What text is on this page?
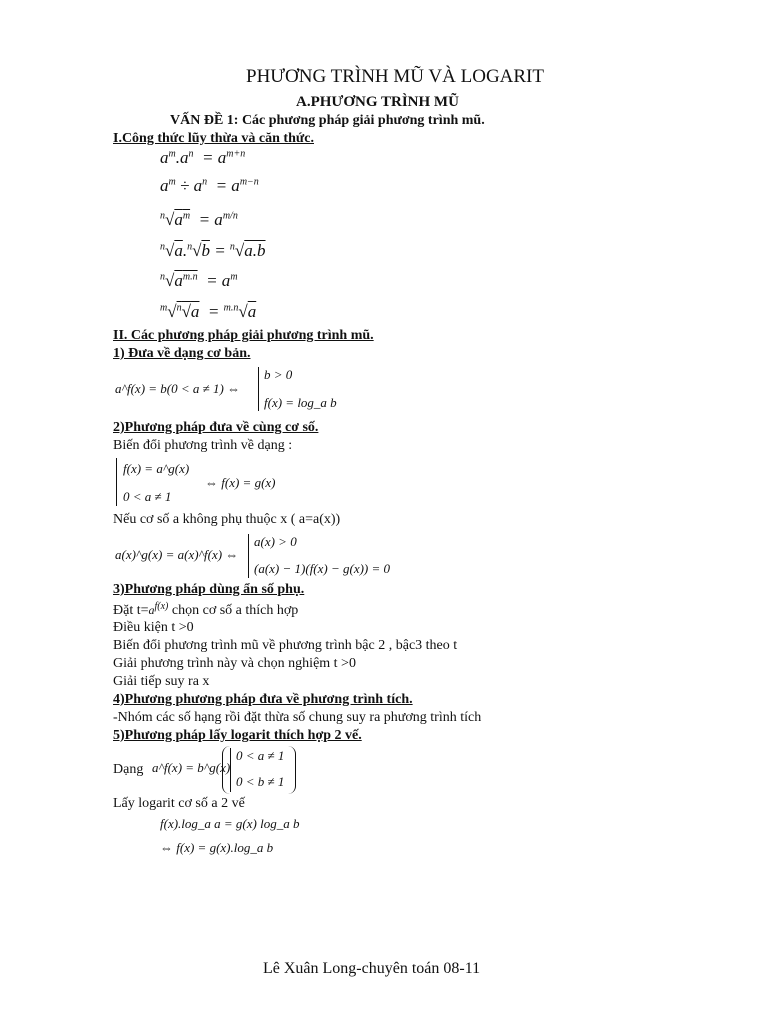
PHƯƠNG TRÌNH MŨ VÀ LOGARIT
A.PHƯƠNG TRÌNH MŨ
VẤN ĐỀ 1: Các phương pháp giải phương trình mũ.
I.Công thức lũy thừa và căn thức.
$a^m.a^n = a^{m+n}$
$a^m \div a^n = a^{m-n}$
$^n√a^m = a^{m/n}$
$^n$√a.$^n$√b = $^n$√a.b
$^n√a^{m.n} = a^m$
$^m$√$^n$√a  = $^{m.n}$√a
II. Các phương pháp giải phương trình mũ.
1) Đưa về dạng cơ bản.
a^f(x) = b(0 < a ≠ 1) ⇔
b > 0
f(x) = log_a b
2)Phương pháp đưa về cùng cơ số.
Biến đổi phương trình về dạng :
f(x) = a^g(x)
0 < a ≠ 1
⇔ f(x) = g(x)
Nếu cơ số a không phụ thuộc x ( a=a(x))
a(x)^g(x) = a(x)^f(x) ⇔
a(x) > 0
(a(x) − 1)(f(x) − g(x)) = 0
3)Phương pháp dùng ẩn số phụ.
Đặt $t=a^{f(x)}$ chọn cơ số a thích hợp
Điều kiện t >0
Biến đổi phương trình mũ về phương trình bậc 2 , bậc3 theo t
Giải phương trình này và chọn nghiệm t >0
Giải tiếp suy ra x
4)Phương phương pháp đưa về phương trình tích.
-Nhóm các số hạng rồi đặt thừa số chung suy ra phương trình tích
5)Phương pháp lấy logarit thích hợp 2 vế.
Dạng a^f(x) = b^g(x)
0 < a ≠ 1
0 < b ≠ 1
Lấy logarit cơ số a 2 vế
f(x).log_a a = g(x) log_a b
⇔ f(x) = g(x).log_a b
Lê Xuân Long-chuyên toán 08-11
